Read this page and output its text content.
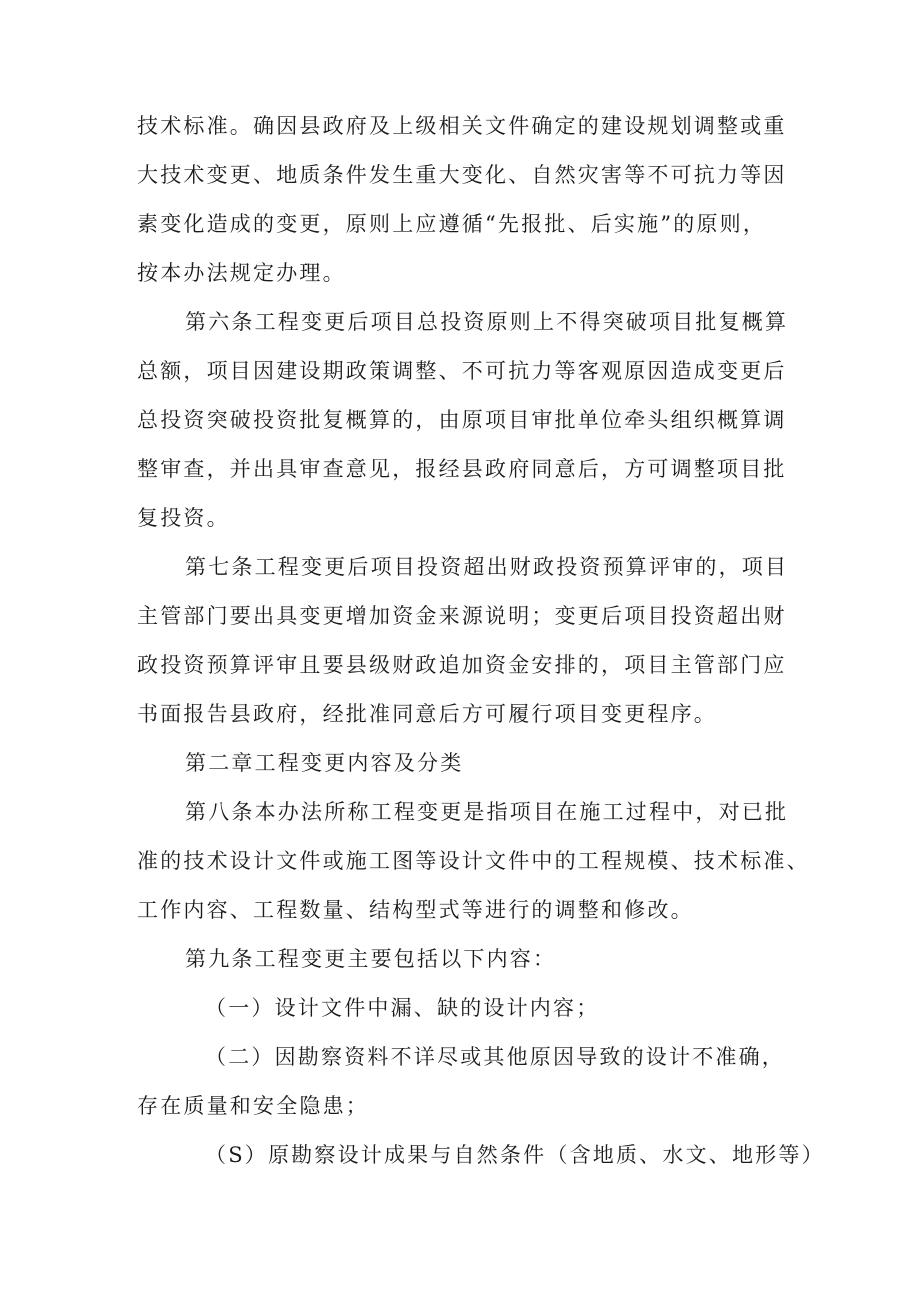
技术标准。确因县政府及上级相关文件确定的建设规划调整或重
大技术变更、地质条件发生重大变化、自然灾害等不可抗力等因
素变化造成的变更，原则上应遵循“先报批、后实施”的原则，
按本办法规定办理。
第六条工程变更后项目总投资原则上不得突破项目批复概算
总额，项目因建设期政策调整、不可抗力等客观原因造成变更后
总投资突破投资批复概算的，由原项目审批单位牵头组织概算调
整审查，并出具审查意见，报经县政府同意后，方可调整项目批
复投资。
第七条工程变更后项目投资超出财政投资预算评审的，项目
主管部门要出具变更增加资金来源说明；变更后项目投资超出财
政投资预算评审且要县级财政追加资金安排的，项目主管部门应
书面报告县政府，经批准同意后方可履行项目变更程序。
第二章工程变更内容及分类
第八条本办法所称工程变更是指项目在施工过程中，对已批
准的技术设计文件或施工图等设计文件中的工程规模、技术标准、
工作内容、工程数量、结构型式等进行的调整和修改。
第九条工程变更主要包括以下内容：
（一）设计文件中漏、缺的设计内容；
（二）因勘察资料不详尽或其他原因导致的设计不准确，
存在质量和安全隐患；
（S）原勘察设计成果与自然条件（含地质、水文、地形等）
